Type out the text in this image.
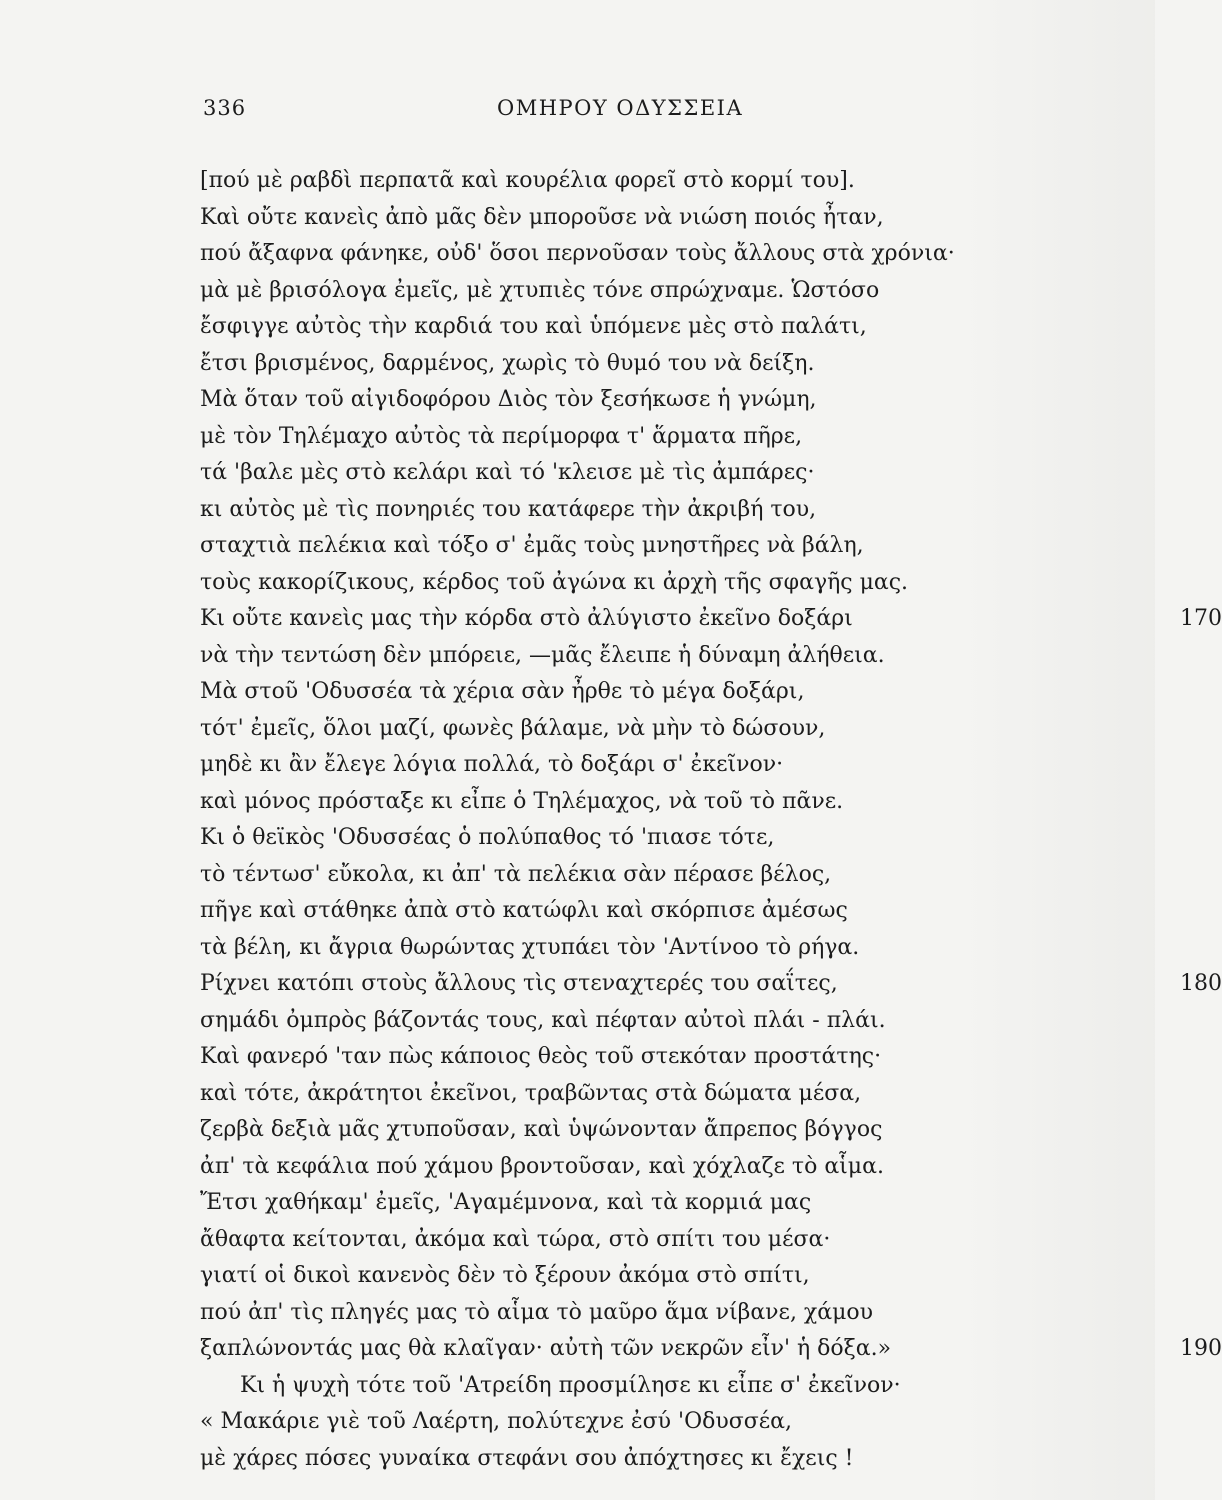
336	ΟΜΗΡΟΥ ΟΔΥΣΣΕΙΑ
[πού μὲ ραβδὶ περπατᾶ καὶ κουρέλια φορεῖ στὸ κορμί του].
Καὶ οὔτε κανεὶς ἀπὸ μᾶς δὲν μποροῦσε νὰ νιώση ποιός ἦταν,
πού ἄξαφνα φάνηκε, οὐδ' ὅσοι περνοῦσαν τοὺς ἄλλους στὰ χρόνια·
μὰ μὲ βρισόλογα ἐμεῖς, μὲ χτυπιὲς τόνε σπρώχναμε. Ὡστόσο
ἔσφιγγε αὐτὸς τὴν καρδιά του καὶ ὑπόμενε μὲς στὸ παλάτι,
ἔτσι βρισμένος, δαρμένος, χωρὶς τὸ θυμό του νὰ δείξη.
Μὰ ὅταν τοῦ αἰγιδοφόρου Διὸς τὸν ξεσήκωσε ἡ γνώμη,
μὲ τὸν Τηλέμαχο αὐτὸς τὰ περίμορφα τ' ἅρματα πῆρε,
τά 'βαλε μὲς στὸ κελάρι καὶ τό 'κλεισε μὲ τὶς ἀμπάρες·
κι αὐτὸς μὲ τὶς πονηριές του κατάφερε τὴν ἀκριβή του,
σταχτιὰ πελέκια καὶ τόξο σ' ἐμᾶς τοὺς μνηστῆρες νὰ βάλη,
τοὺς κακορίζικους, κέρδος τοῦ ἀγώνα κι ἀρχὴ τῆς σφαγῆς μας.
Κι οὔτε κανεὶς μας τὴν κόρδα στὸ ἀλύγιστο ἐκεῖνο δοξάρι	170
νὰ τὴν τεντώση δὲν μπόρειε, —μᾶς ἔλειπε ἡ δύναμη ἀλήθεια.
Μὰ στοῦ 'Οδυσσέα τὰ χέρια σὰν ἦρθε τὸ μέγα δοξάρι,
τότ' ἐμεῖς, ὅλοι μαζί, φωνὲς βάλαμε, νὰ μὴν τὸ δώσουν,
μηδὲ κι ἂν ἔλεγε λόγια πολλά, τὸ δοξάρι σ' ἐκεῖνον·
καὶ μόνος πρόσταξε κι εἶπε ὁ Τηλέμαχος, νὰ τοῦ τὸ πᾶνε.
Κι ὁ θεϊκὸς 'Οδυσσέας ὁ πολύπαθος τό 'πιασε τότε,
τὸ τέντωσ' εὔκολα, κι ἀπ' τὰ πελέκια σὰν πέρασε βέλος,
πῆγε καὶ στάθηκε ἀπὰ στὸ κατώφλι καὶ σκόρπισε ἀμέσως
τὰ βέλη, κι ἄγρια θωρώντας χτυπάει τὸν 'Αντίνοο τὸ ρήγα.
Ρίχνει κατόπι στοὺς ἄλλους τὶς στεναχτερές του σαΐτες,	180
σημάδι ὀμπρὸς βάζοντάς τους, καὶ πέφταν αὐτοὶ πλάι - πλάι.
Καὶ φανερό 'ταν πὼς κάποιος θεὸς τοῦ στεκόταν προστάτης·
καὶ τότε, ἀκράτητοι ἐκεῖνοι, τραβῶντας στὰ δώματα μέσα,
ζερβὰ δεξιὰ μᾶς χτυποῦσαν, καὶ ὑψώνονταν ἄπρεπος βόγγος
ἀπ' τὰ κεφάλια πού χάμου βροντοῦσαν, καὶ χόχλαζε τὸ αἷμα.
Ἔτσι χαθήκαμ' ἐμεῖς, 'Αγαμέμνονα, καὶ τὰ κορμιά μας
ἄθαφτα κείτονται, ἀκόμα καὶ τώρα, στὸ σπίτι του μέσα·
γιατί οἱ δικοὶ κανενὸς δὲν τὸ ξέρουν ἀκόμα στὸ σπίτι,
πού ἀπ' τὶς πληγές μας τὸ αἷμα τὸ μαῦρο ἅμα νίβανε, χάμου
ξαπλώνοντάς μας θὰ κλαῖγαν· αὐτὴ τῶν νεκρῶν εἶν' ἡ δόξα.»	190
Κι ἡ ψυχὴ τότε τοῦ 'Ατρείδη προσμίλησε κι εἶπε σ' ἐκεῖνον·
« Μακάριε γιὲ τοῦ Λαέρτη, πολύτεχνε ἐσύ 'Οδυσσέα,
μὲ χάρες πόσες γυναίκα στεφάνι σου ἀπόχτησες κι ἔχεις !
